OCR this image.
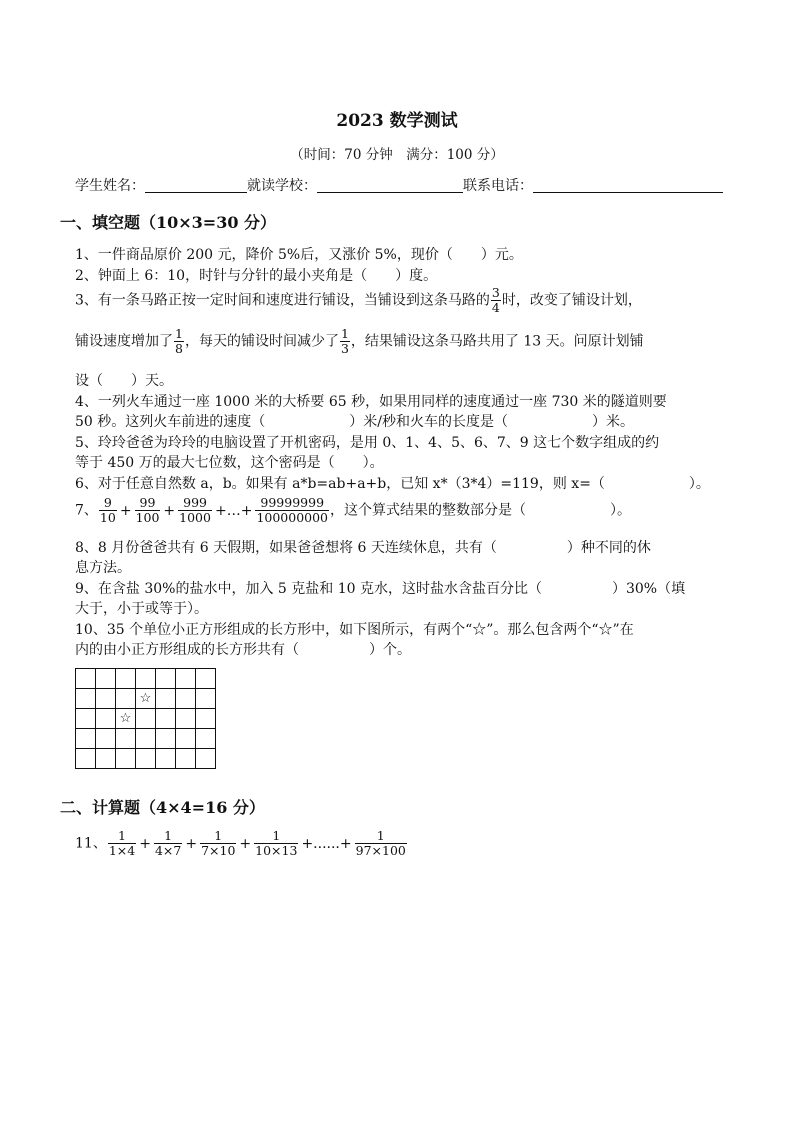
2023 数学测试
（时间：70 分钟　满分：100 分）
学生姓名：	就读学校：	联系电话：
一、填空题（10×3=30 分）
1、一件商品原价 200 元，降价 5%后，又涨价 5%，现价（　　）元。
2、钟面上 6：10，时针与分针的最小夹角是（　　）度。
3、有一条马路正按一定时间和速度进行铺设，当铺设到这条马路的 $\frac{3}{4}$ 时，改变了铺设计划，
铺设速度增加了 $\frac{1}{8}$ ，每天的铺设时间减少了 $\frac{1}{3}$ ，结果铺设这条马路共用了 13 天。问原计划铺
设（　　）天。
4、一列火车通过一座 1000 米的大桥要 65 秒，如果用同样的速度通过一座 730 米的隧道则要
50 秒。这列火车前进的速度（　　　　　　）米/秒和火车的长度是（　　　　　　）米。
5、玲玲爸爸为玲玲的电脑设置了开机密码，是用 0、1、4、5、6、7、9 这七个数字组成的约
等于 450 万的最大七位数，这个密码是（　　）。
6、对于任意自然数 a，b。如果有 a*b=ab+a+b，已知 x*（3*4）=119，则 x=（　　　　　　）。
7、 $\frac{9}{10} + \frac{99}{100} + \frac{999}{1000}$ +…+ $\frac{99999999}{100000000}$ ，这个算式结果的整数部分是（　　　　　　）。
8、8 月份爸爸共有 6 天假期，如果爸爸想将 6 天连续休息，共有（　　　　　）种不同的休
息方法。
9、在含盐 30%的盐水中，加入 5 克盐和 10 克水，这时盐水含盐百分比（　　　　　）30%（填
大于，小于或等于）。
10、35 个单位小正方形组成的长方形中，如下图所示，有两个“☆”。那么包含两个“☆”在
内的由小正方形组成的长方形共有（　　　　　）个。

			☆			
		☆				

二、计算题（4×4=16 分）
11、 $\frac{1}{1\times 4} + \frac{1}{4\times 7} + \frac{1}{7\times 10} + \frac{1}{10\times 13}$ +......+ $\frac{1}{97\times 100}$
